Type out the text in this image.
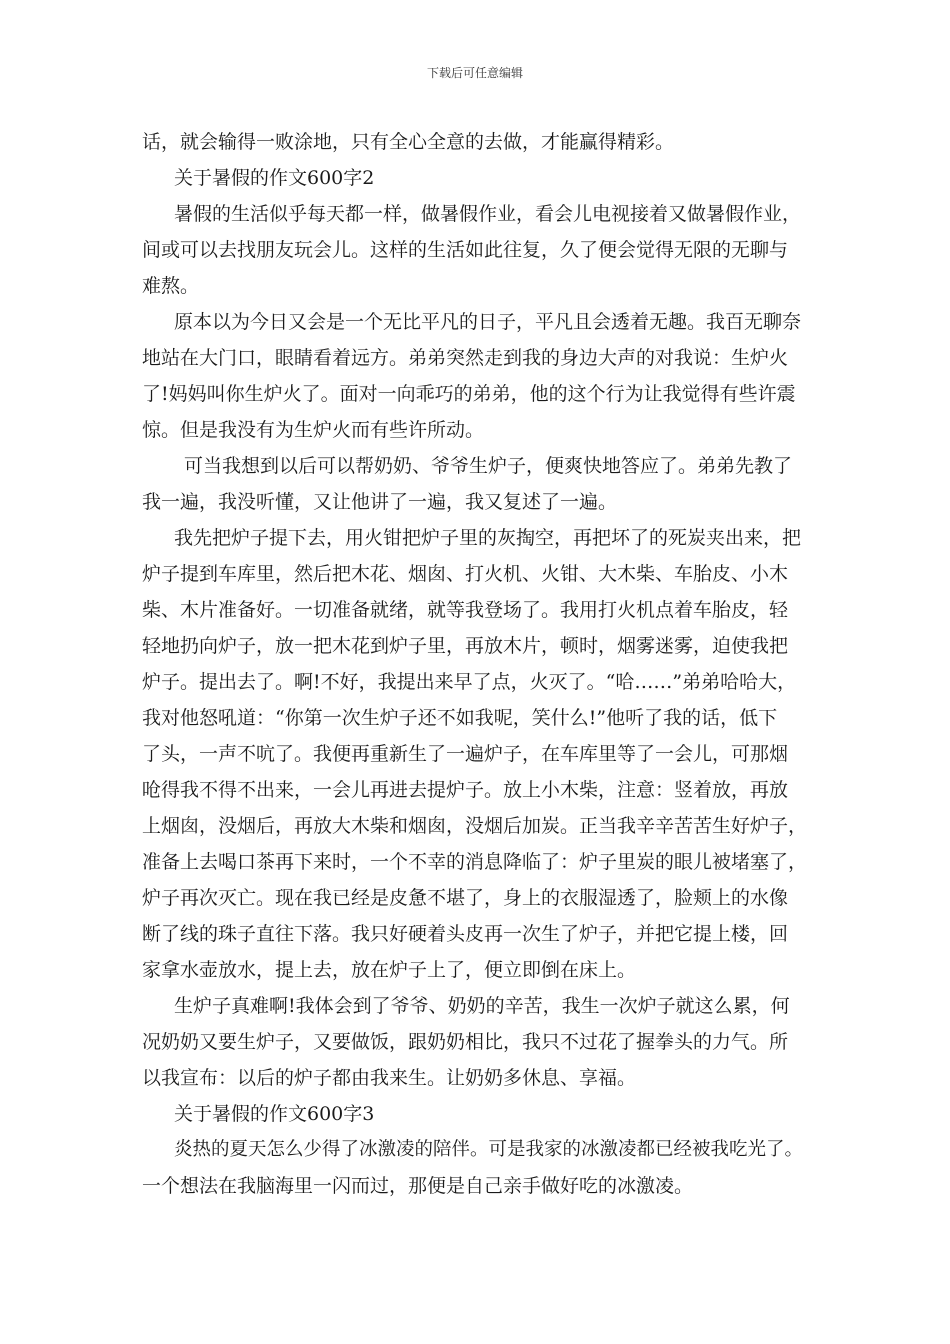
下载后可任意编辑
话，就会输得一败涂地，只有全心全意的去做，才能赢得精彩。
关于暑假的作文600字2
暑假的生活似乎每天都一样，做暑假作业，看会儿电视接着又做暑假作业，
间或可以去找朋友玩会儿。这样的生活如此往复，久了便会觉得无限的无聊与
难熬。
原本以为今日又会是一个无比平凡的日子，平凡且会透着无趣。我百无聊奈
地站在大门口，眼睛看着远方。弟弟突然走到我的身边大声的对我说：生炉火
了!妈妈叫你生炉火了。面对一向乖巧的弟弟，他的这个行为让我觉得有些许震
惊。但是我没有为生炉火而有些许所动。
可当我想到以后可以帮奶奶、爷爷生炉子，便爽快地答应了。弟弟先教了
我一遍，我没听懂，又让他讲了一遍，我又复述了一遍。
我先把炉子提下去，用火钳把炉子里的灰掏空，再把坏了的死炭夹出来，把
炉子提到车库里，然后把木花、烟囱、打火机、火钳、大木柴、车胎皮、小木
柴、木片准备好。一切准备就绪，就等我登场了。我用打火机点着车胎皮，轻
轻地扔向炉子，放一把木花到炉子里，再放木片，顿时，烟雾迷雾，迫使我把
炉子。提出去了。啊!不好，我提出来早了点，火灭了。“哈……”弟弟哈哈大，
我对他怒吼道：“你第一次生炉子还不如我呢，笑什么!”他听了我的话，低下
了头，一声不吭了。我便再重新生了一遍炉子，在车库里等了一会儿，可那烟
呛得我不得不出来，一会儿再进去提炉子。放上小木柴，注意：竖着放，再放
上烟囱，没烟后，再放大木柴和烟囱，没烟后加炭。正当我辛辛苦苦生好炉子，
准备上去喝口茶再下来时，一个不幸的消息降临了：炉子里炭的眼儿被堵塞了，
炉子再次灭亡。现在我已经是皮惫不堪了，身上的衣服湿透了，脸颊上的水像
断了线的珠子直往下落。我只好硬着头皮再一次生了炉子，并把它提上楼，回
家拿水壶放水，提上去，放在炉子上了，便立即倒在床上。
生炉子真难啊!我体会到了爷爷、奶奶的辛苦，我生一次炉子就这么累，何
况奶奶又要生炉子，又要做饭，跟奶奶相比，我只不过花了握拳头的力气。所
以我宣布：以后的炉子都由我来生。让奶奶多休息、享福。
关于暑假的作文600字3
炎热的夏天怎么少得了冰激凌的陪伴。可是我家的冰激凌都已经被我吃光了。
一个想法在我脑海里一闪而过，那便是自己亲手做好吃的冰激凌。
